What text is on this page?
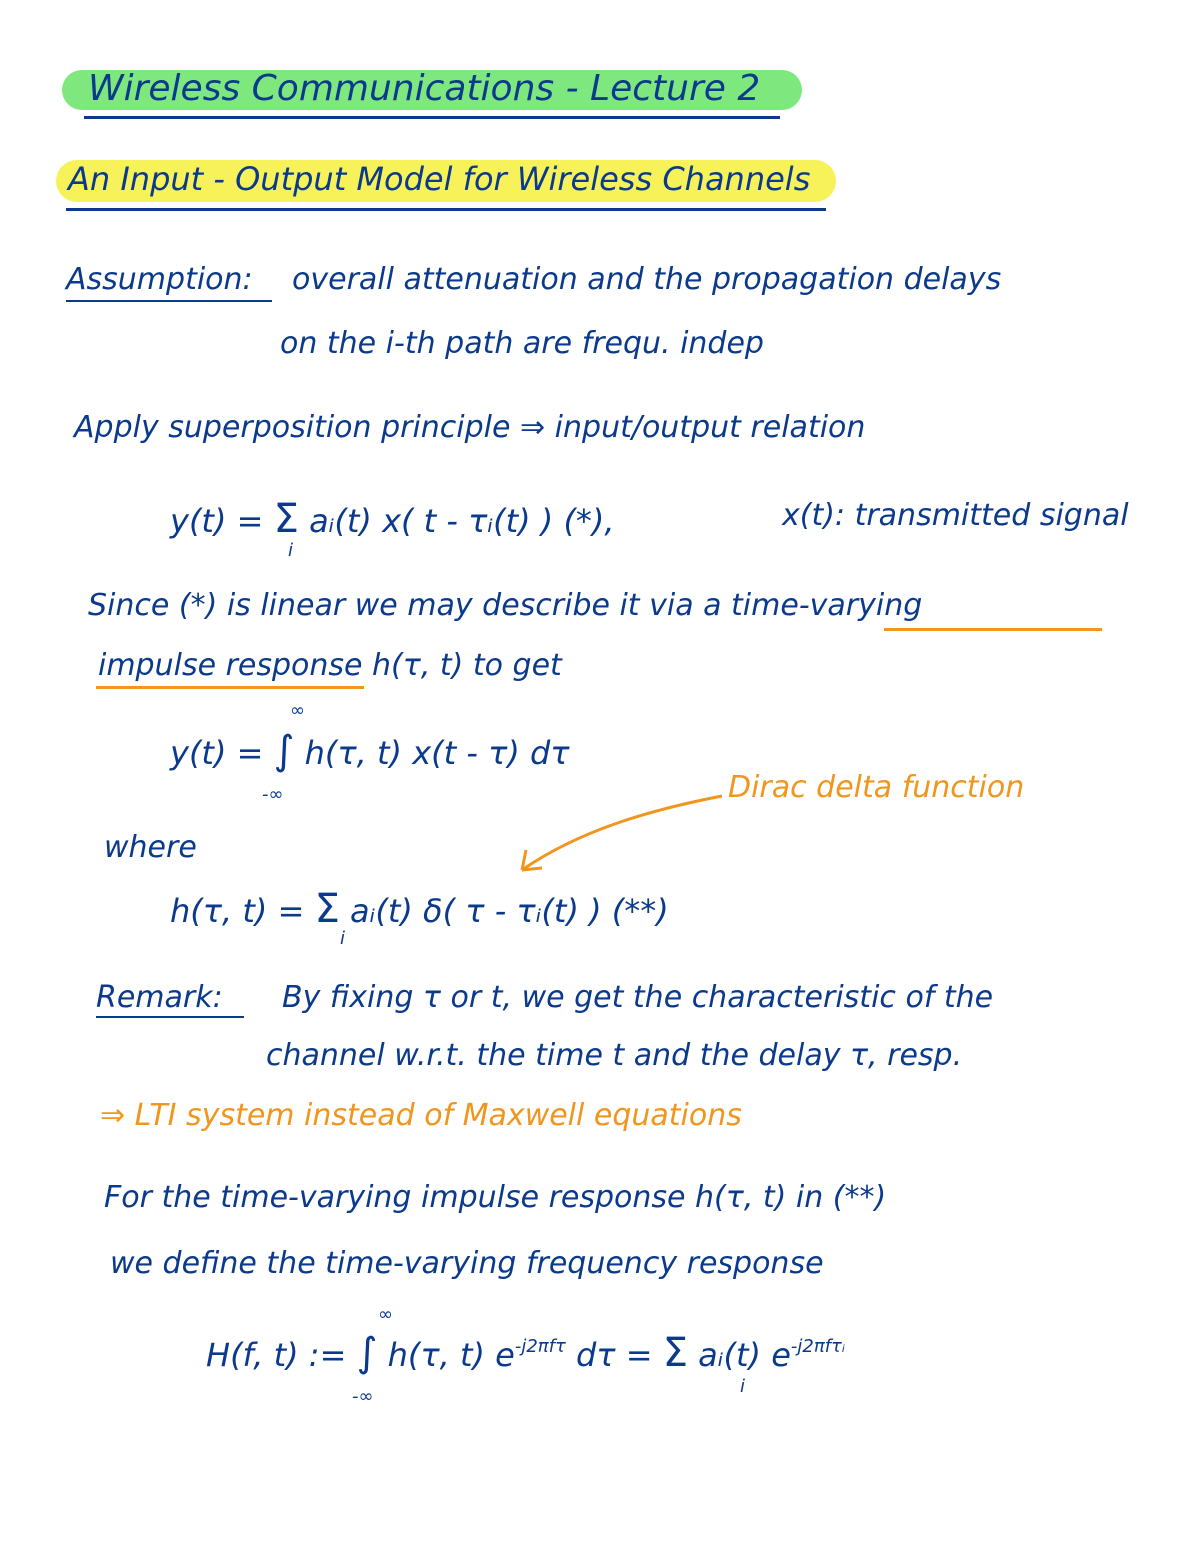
Wireless Communications - Lecture 2
An Input - Output Model for Wireless Channels
Assumption: overall attenuation and the propagation delays
on the i-th path are frequ. indep
Apply superposition principle ⇒ input/output relation
y(t) = Σ aᵢ(t) x( t - τᵢ(t) ) (*),
i
x(t): transmitted signal
Since (*) is linear we may describe it via a time-varying
impulse response h(τ, t) to get
y(t) = ∫ h(τ, t) x(t - τ) dτ
∞
-∞	Dirac delta function
where
h(τ, t) = Σ aᵢ(t) δ( τ - τᵢ(t) ) (**)
i
Remark: By fixing τ or t, we get the characteristic of the
channel w.r.t. the time t and the delay τ, resp.
⇒ LTI system instead of Maxwell equations
For the time-varying impulse response h(τ, t) in (**)
we define the time-varying frequency response
H(f, t) := ∫ h(τ, t) $e^{-j2\pi f\tau}$ dτ = Σ aᵢ(t) $e^{-j2\pi f\tau ᵢ}$
∞
-∞	i
